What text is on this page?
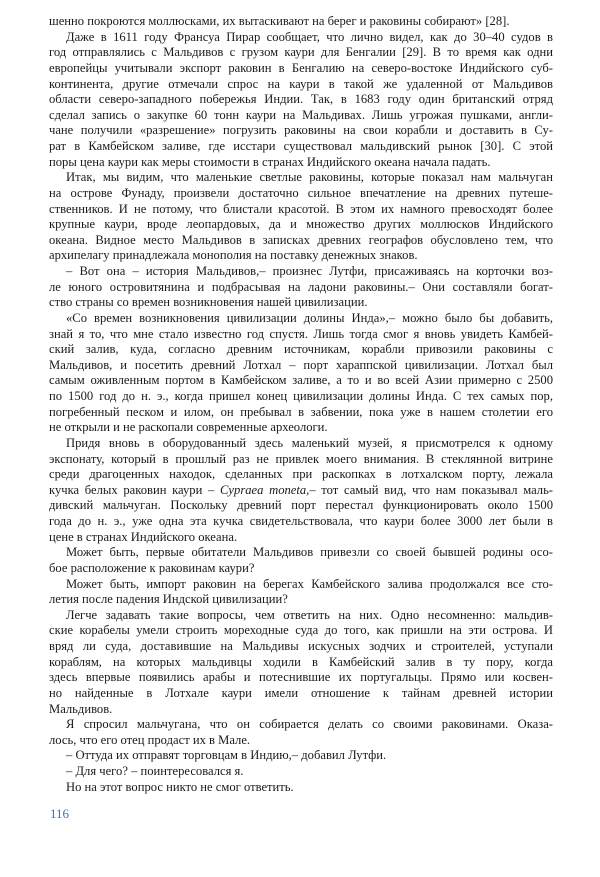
шенно покроются моллюсками, их вытаскивают на берег и раковины собирают» [28].
Даже в 1611 году Франсуа Пирар сообщает, что лично видел, как до 30–40 судов в
год отправлялись с Мальдивов с грузом каури для Бенгалии [29]. В то время как одни
европейцы учитывали экспорт раковин в Бенгалию на северо-востоке Индийского суб-
континента, другие отмечали спрос на каури в такой же удаленной от Мальдивов
области северо-западного побережья Индии. Так, в 1683 году один британский отряд
сделал запись о закупке 60 тонн каури на Мальдивах. Лишь угрожая пушками, англи-
чане получили «разрешение» погрузить раковины на свои корабли и доставить в Су-
рат в Камбейском заливе, где исстари существовал мальдивский рынок [30]. С этой
поры цена каури как меры стоимости в странах Индийского океана начала падать.
Итак, мы видим, что маленькие светлые раковины, которые показал нам мальчуган
на острове Фунаду, произвели достаточно сильное впечатление на древних путеше-
ственников. И не потому, что блистали красотой. В этом их намного превосходят более
крупные каури, вроде леопардовых, да и множество других моллюсков Индийского
океана. Видное место Мальдивов в записках древних географов обусловлено тем, что
архипелагу принадлежала монополия на поставку денежных знаков.
– Вот она – история Мальдивов,– произнес Лутфи, присаживаясь на корточки воз-
ле юного островитянина и подбрасывая на ладони раковины.– Они составляли богат-
ство страны со времен возникновения нашей цивилизации.
«Со времен возникновения цивилизации долины Инда»,– можно было бы добавить,
знай я то, что мне стало известно год спустя. Лишь тогда смог я вновь увидеть Камбей-
ский залив, куда, согласно древним источникам, корабли привозили раковины с
Мальдивов, и посетить древний Лотхал – порт хараппской цивилизации. Лотхал был
самым оживленным портом в Камбейском заливе, а то и во всей Азии примерно с 2500
по 1500 год до н. э., когда пришел конец цивилизации долины Инда. С тех самых пор,
погребенный песком и илом, он пребывал в забвении, пока уже в нашем столетии его
не открыли и не раскопали современные археологи.
Придя вновь в оборудованный здесь маленький музей, я присмотрелся к одному
экспонату, который в прошлый раз не привлек моего внимания. В стеклянной витрине
среди драгоценных находок, сделанных при раскопках в лотхалском порту, лежала
кучка белых раковин каури – Cypraea moneta,– тот самый вид, что нам показывал маль-
дивский мальчуган. Поскольку древний порт перестал функционировать около 1500
года до н. э., уже одна эта кучка свидетельствовала, что каури более 3000 лет были в
цене в странах Индийского океана.
Может быть, первые обитатели Мальдивов привезли со своей бывшей родины осо-
бое расположение к раковинам каури?
Может быть, импорт раковин на берегах Камбейского залива продолжался все сто-
летия после падения Индской цивилизации?
Легче задавать такие вопросы, чем ответить на них. Одно несомненно: мальдив-
ские корабелы умели строить мореходные суда до того, как пришли на эти острова. И
вряд ли суда, доставившие на Мальдивы искусных зодчих и строителей, уступали
кораблям, на которых мальдивцы ходили в Камбейский залив в ту пору, когда
здесь впервые появились арабы и потеснившие их португальцы. Прямо или косвен-
но найденные в Лотхале каури имели отношение к тайнам древней истории
Мальдивов.
Я спросил мальчугана, что он собирается делать со своими раковинами. Оказа-
лось, что его отец продаст их в Мале.
– Оттуда их отправят торговцам в Индию,– добавил Лутфи.
– Для чего? – поинтересовался я.
Но на этот вопрос никто не смог ответить.
116
